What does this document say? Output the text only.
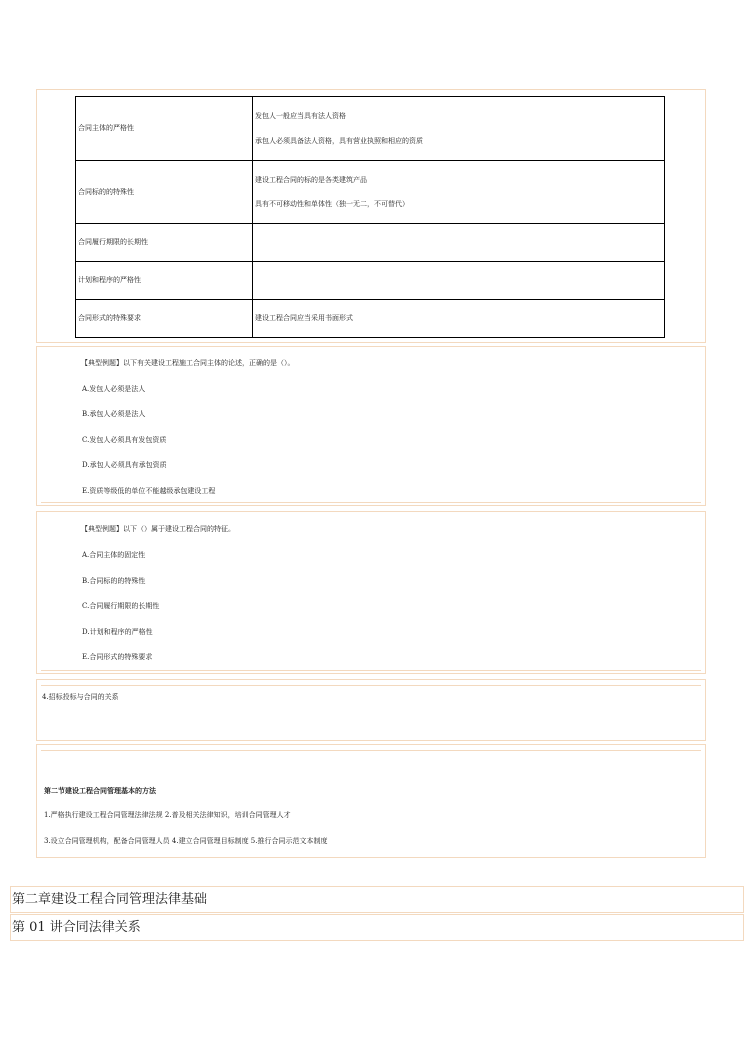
合同主体的严格性	发包人一般应当具有法人资格
承包人必须具备法人资格，具有营业执照和相应的资质

合同标的的特殊性	建设工程合同的标的是各类建筑产品
具有不可移动性和单体性（独一无二，不可替代）

合同履行期限的长期性	
计划和程序的严格性	
合同形式的特殊要求	建设工程合同应当采用书面形式
【典型例题】以下有关建设工程施工合同主体的论述，正确的是（）。
A.发包人必须是法人
B.承包人必须是法人
C.发包人必须具有发包资质
D.承包人必须具有承包资质
E.资质等级低的单位不能越级承包建设工程
【典型例题】以下（）属于建设工程合同的特征。
A.合同主体的固定性
B.合同标的的特殊性
C.合同履行期限的长期性
D.计划和程序的严格性
E.合同形式的特殊要求
4.招标投标与合同的关系
第二节建设工程合同管理基本的方法
1.严格执行建设工程合同管理法律法规 2.普及相关法律知识，培训合同管理人才
3.设立合同管理机构，配备合同管理人员 4.建立合同管理目标制度 5.推行合同示范文本制度
第二章建设工程合同管理法律基础
第 01 讲合同法律关系
